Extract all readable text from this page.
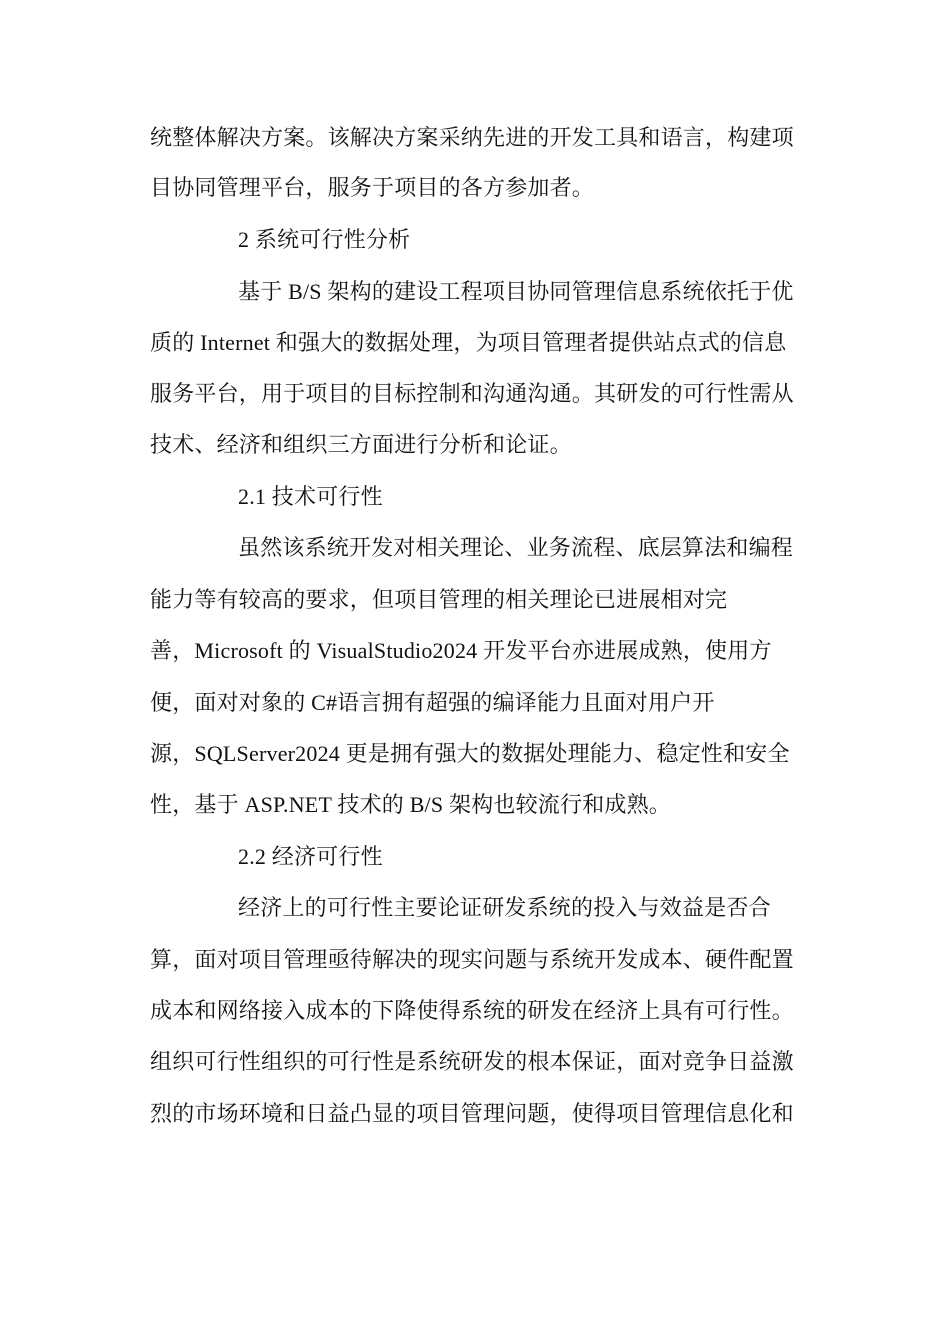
统整体解决方案。该解决方案采纳先进的开发工具和语言，构建项
目协同管理平台，服务于项目的各方参加者。
2 系统可行性分析
基于 B/S 架构的建设工程项目协同管理信息系统依托于优
质的 Internet 和强大的数据处理，为项目管理者提供站点式的信息
服务平台，用于项目的目标控制和沟通沟通。其研发的可行性需从
技术、经济和组织三方面进行分析和论证。
2.1 技术可行性
虽然该系统开发对相关理论、业务流程、底层算法和编程
能力等有较高的要求，但项目管理的相关理论已进展相对完
善，Microsoft 的 VisualStudio2024 开发平台亦进展成熟，使用方
便，面对对象的 C#语言拥有超强的编译能力且面对用户开
源，SQLServer2024 更是拥有强大的数据处理能力、稳定性和安全
性，基于 ASP.NET 技术的 B/S 架构也较流行和成熟。
2.2 经济可行性
经济上的可行性主要论证研发系统的投入与效益是否合
算，面对项目管理亟待解决的现实问题与系统开发成本、硬件配置
成本和网络接入成本的下降使得系统的研发在经济上具有可行性。
组织可行性组织的可行性是系统研发的根本保证，面对竞争日益激
烈的市场环境和日益凸显的项目管理问题，使得项目管理信息化和
